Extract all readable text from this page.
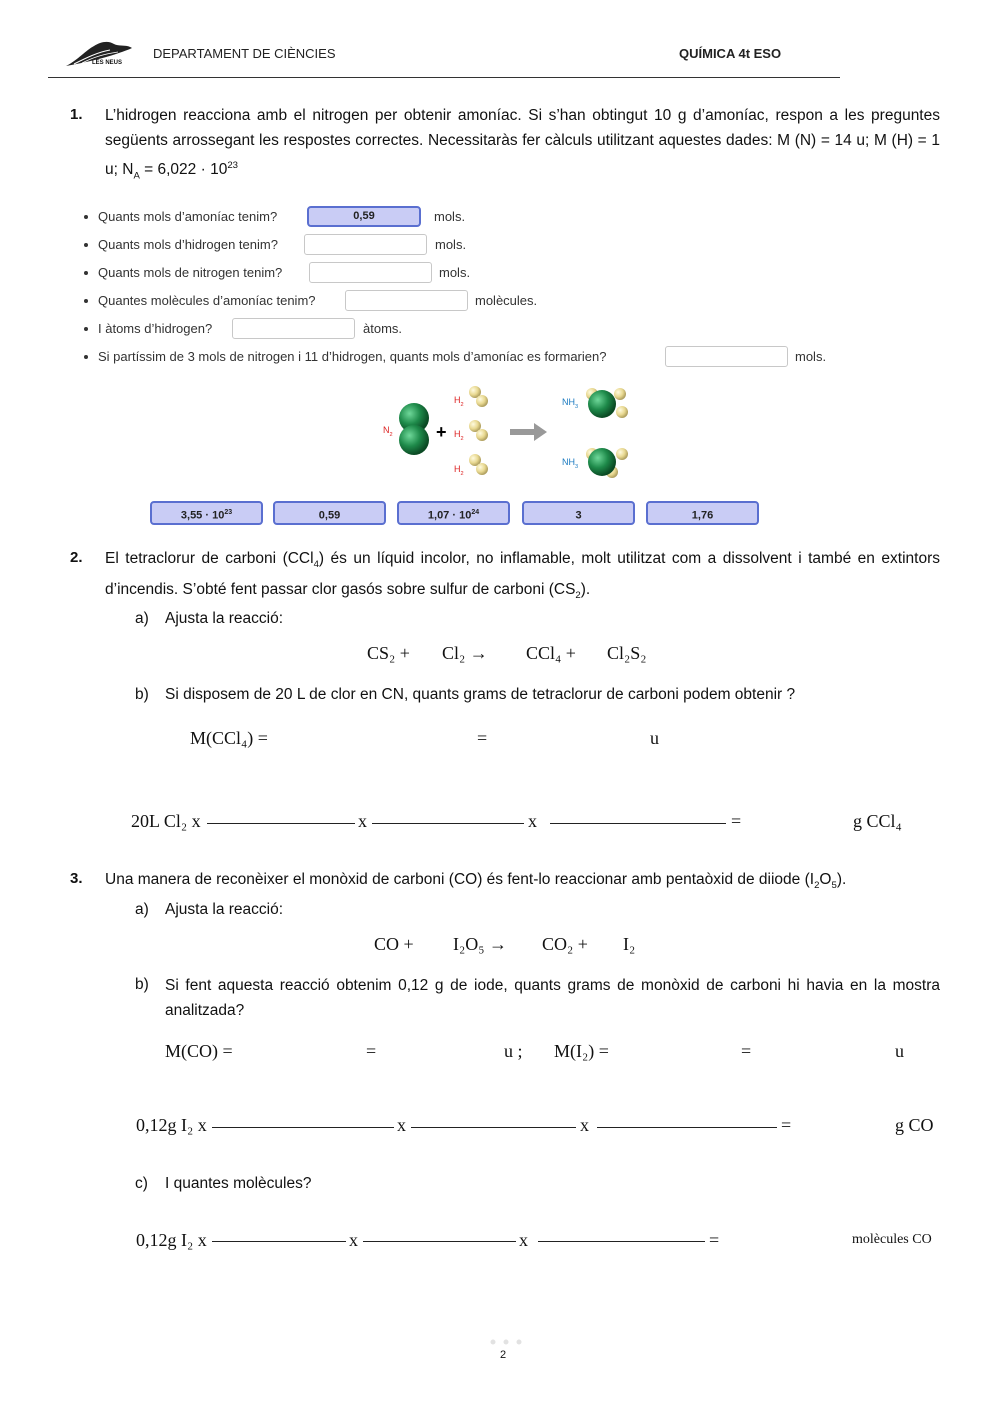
LES NEUS
DEPARTAMENT DE CIÈNCIES	QUÍMICA 4t ESO
1. L’hidrogen reacciona amb el nitrogen per obtenir amoníac. Si s’han obtingut 10 g d’amoníac, respon a les preguntes següents arrossegant les respostes correctes. Necessitaràs fer càlculs utilitzant aquestes dades: M (N) = 14 u; M (H) = 1 u; $N_A = 6,022 \cdot 10^{23}$
Quants mols d’amoníac tenim?	0,59	mols.
Quants mols d’hidrogen tenim?	mols.
Quants mols de nitrogen tenim?	mols.
Quantes molècules d’amoníac tenim?	molècules.
I àtoms d’hidrogen?	àtoms.
Si partíssim de 3 mols de nitrogen i 11 d’hidrogen, quants mols d’amoníac es formarien?	mols.
+
$N_2$
$H_2$
$H_2$
$H_2$
$NH_3$
$NH_3$
$3,55 \cdot 10^{23}$	0,59	$1,07 \cdot 10^{24}$	3	1,76
2. El tetraclorur de carboni (CCl$_4$) és un líquid incolor, no inflamable, molt utilitzat com a dissolvent i també en extintors d’incendis. S’obté fent passar clor gasós sobre sulfur de carboni $(CS_2)$.
a) Ajusta la reacció:
CS₂ + Cl₂ → CCl₄ + Cl₂S₂
b) Si disposem de 20 L de clor en CN, quants grams de tetraclorur de carboni podem obtenir ?
M(CCl₄) =	=	u
20L Cl₂ x	x	x	=	g CCl₄
3. Una manera de reconèixer el monòxid de carboni (CO) és fent-lo reaccionar amb pentaòxid de diiode $(I_2O_5)$.
a) Ajusta la reacció:
CO + I₂O₅ → CO₂ + I₂
b) Si fent aquesta reacció obtenim 0,12 g de iode, quants grams de monòxid de carboni hi havia en la mostra analitzada?
M(CO) =	=	u ; M(I₂) =	=	u
0,12g I₂ x	x	x	=	g CO
c) I quantes molècules?
0,12g I₂ x	x	x	=	molècules CO
2
